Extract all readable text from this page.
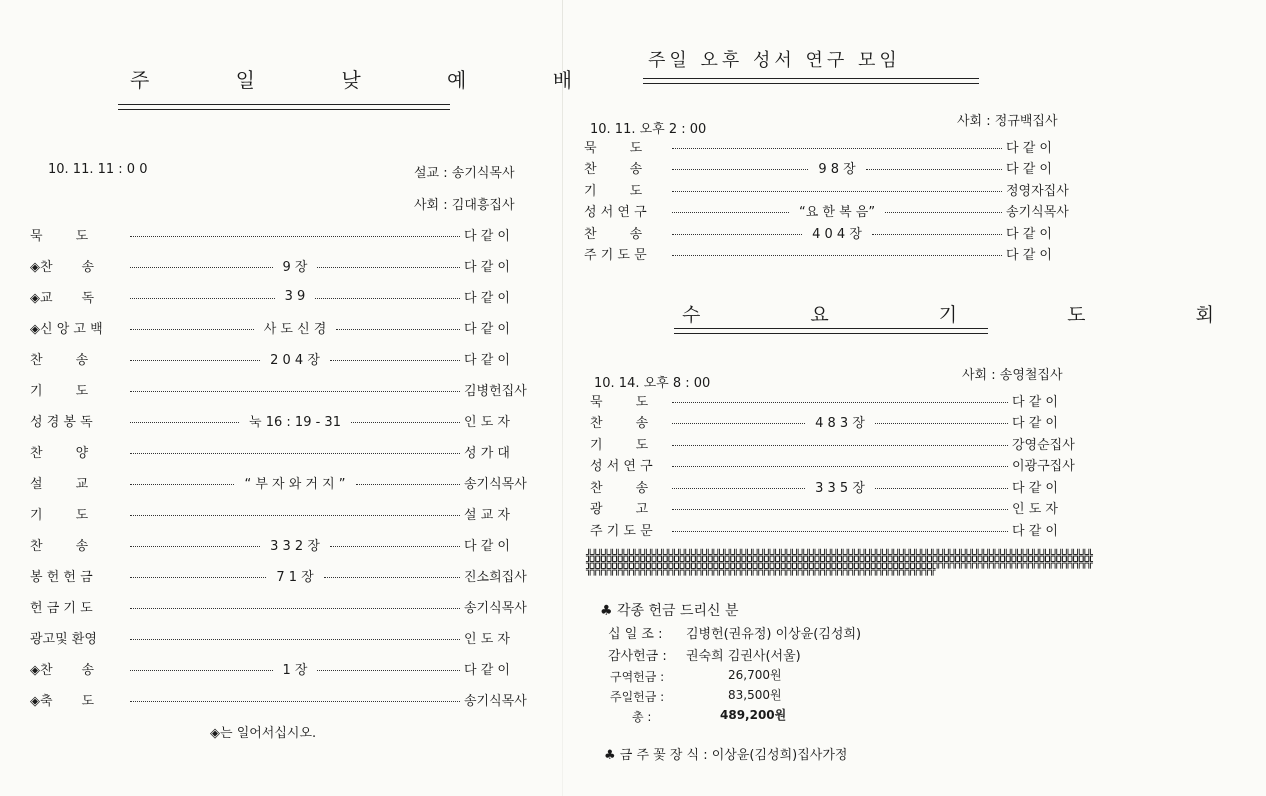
주 일 낮 예 배
10. 11. 11 : 0 0	설교 : 송기식목사
사회 : 김대흥집사
묵        도	다 같 이
◈찬       송	9 장	다 같 이
◈교       독	3 9	다 같 이
◈신 앙 고 백	사 도 신 경	다 같 이
찬        송	2 0 4 장	다 같 이
기        도	김병헌집사
성 경 봉 독	눅 16 : 19 - 31	인 도 자
찬        양	성 가 대
설        교	“ 부 자 와 거 지 ”	송기식목사
기        도	설 교 자
찬        송	3 3 2 장	다 같 이
봉 헌 헌 금	7 1 장	진소희집사
헌 금 기 도	송기식목사
광고및 환영	인 도 자
◈찬       송	1 장	다 같 이
◈축       도	송기식목사
◈는 일어서십시오.
주일 오후 성서 연구 모임
사회 : 정규백집사
10. 11. 오후 2 : 00
묵        도	다 같 이
찬        송	9 8 장	다 같 이
기        도	정영자집사
성 서 연 구	“요 한 복 음”	송기식목사
찬        송	4 0 4 장	다 같 이
주 기 도 문	다 같 이
수 요 기 도 회
사회 : 송영철집사
10. 14. 오후 8 : 00
묵        도	다 같 이
찬        송	4 8 3 장	다 같 이
기        도	강영순집사
성 서 연 구	이광구집사
찬        송	3 3 5 장	다 같 이
광        고	인 도 자
주 기 도 문	다 같 이
╬╬╬╬╬╬╬╬╬╬╬╬╬╬╬╬╬╬╬╬╬╬╬╬╬╬╬╬╬╬╬╬╬╬╬╬╬╬╬╬╬╬╬╬╬╬╬╬╬╬╬╬╬╬╬╬╬╬╬╬╬╬╬╬╬╬╬╬╬╬╬╬╬╬╬╬╬╬╬╬╬╬╬╬╬╬╬╬╬╬╬╬╬╬╬╬╬╬╬╬╬╬╬╬╬╬╬╬╬╬╬╬╬╬╬╬╬╬╬╬╬╬╬╬╬╬╬╬╬╬╬╬╬╬╬╬╬╬╬╬╬╬╬╬╬╬╬╬╬╬╬╬╬╬╬╬╬╬╬╬╬╬╬╬╬╬╬╬╬╬╬╬╬╬╬╬╬╬╬╬╬╬╬╬╬╬╬╬╬╬╬╬╬╬╬╬╬╬╬╬╬╬╬╬╬╬╬╬╬╬╬╬╬╬╬╬╬╬╬╬╬╬╬╬╬╬╬╬╬╬╬╬╬╬╬╬╬╬╬╬╬╬
♣ 각종 헌금 드리신 분
십 일 조 : 김병헌(권유정) 이상윤(김성희)
감사헌금 : 권숙희 김권사(서울)
구역헌금 :	26,700원
주일헌금 :	83,500원
총 :	489,200원
♣ 금 주 꽃 장 식 : 이상윤(김성희)집사가정
